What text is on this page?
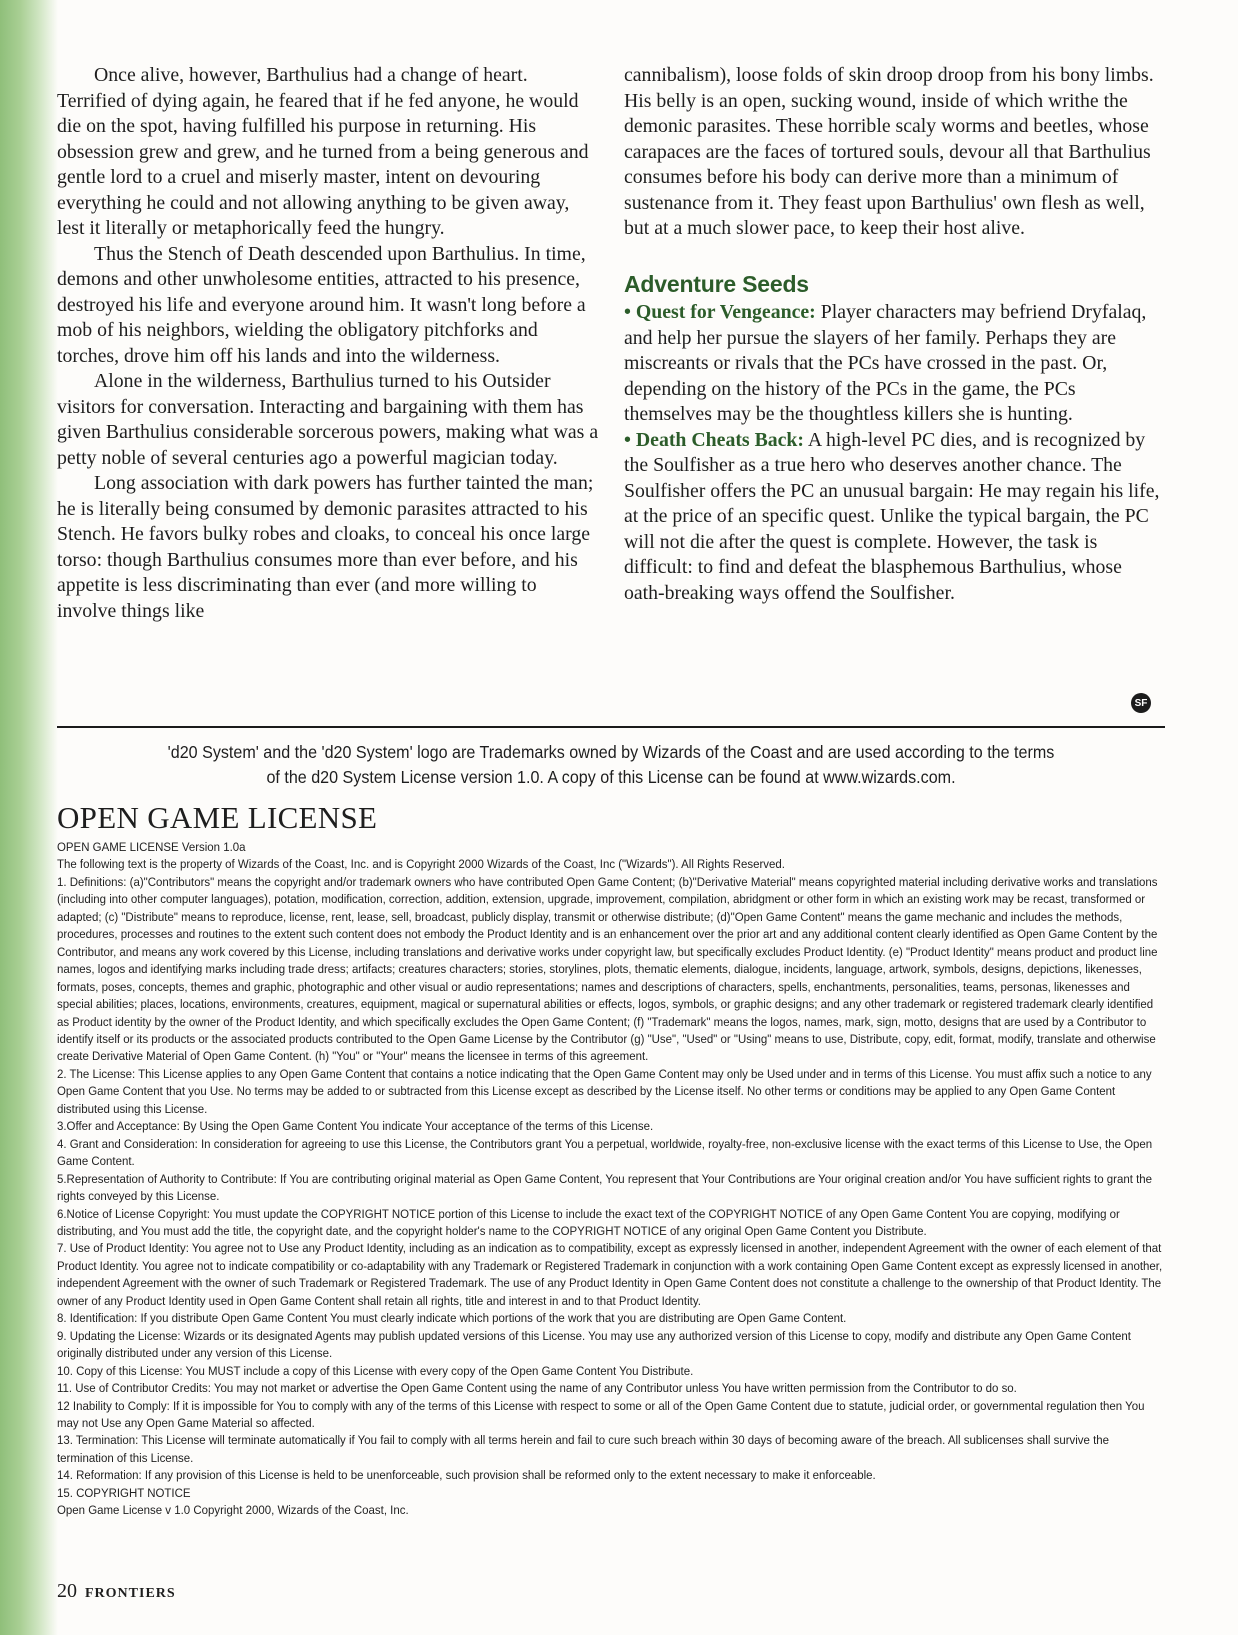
Once alive, however, Barthulius had a change of heart. Terrified of dying again, he feared that if he fed anyone, he would die on the spot, having fulfilled his purpose in returning. His obsession grew and grew, and he turned from a being generous and gentle lord to a cruel and miserly master, intent on devouring everything he could and not allowing anything to be given away, lest it literally or metaphorically feed the hungry.

Thus the Stench of Death descended upon Barthulius. In time, demons and other unwholesome entities, attracted to his presence, destroyed his life and everyone around him. It wasn't long before a mob of his neighbors, wielding the obligatory pitchforks and torches, drove him off his lands and into the wilderness.

Alone in the wilderness, Barthulius turned to his Outsider visitors for conversation. Interacting and bargaining with them has given Barthulius considerable sorcerous powers, making what was a petty noble of several centuries ago a powerful magician today.

Long association with dark powers has further tainted the man; he is literally being consumed by demonic parasites attracted to his Stench. He favors bulky robes and cloaks, to conceal his once large torso: though Barthulius consumes more than ever before, and his appetite is less discriminating than ever (and more willing to involve things like

cannibalism), loose folds of skin droop droop from his bony limbs. His belly is an open, sucking wound, inside of which writhe the demonic parasites. These horrible scaly worms and beetles, whose carapaces are the faces of tortured souls, devour all that Barthulius consumes before his body can derive more than a minimum of sustenance from it. They feast upon Barthulius' own flesh as well, but at a much slower pace, to keep their host alive.

Adventure Seeds

• Quest for Vengeance: Player characters may befriend Dryfalaq, and help her pursue the slayers of her family. Perhaps they are miscreants or rivals that the PCs have crossed in the past. Or, depending on the history of the PCs in the game, the PCs themselves may be the thoughtless killers she is hunting.

• Death Cheats Back: A high-level PC dies, and is recognized by the Soulfisher as a true hero who deserves another chance. The Soulfisher offers the PC an unusual bargain: He may regain his life, at the price of an specific quest. Unlike the typical bargain, the PC will not die after the quest is complete. However, the task is difficult: to find and defeat the blasphemous Barthulius, whose oath-breaking ways offend the Soulfisher.

SF
'd20 System' and the 'd20 System' logo are Trademarks owned by Wizards of the Coast and are used according to the terms
of the d20 System License version 1.0. A copy of this License can be found at www.wizards.com.
OPEN GAME LICENSE

OPEN GAME LICENSE Version 1.0a

The following text is the property of Wizards of the Coast, Inc. and is Copyright 2000 Wizards of the Coast, Inc ("Wizards"). All Rights Reserved.

1. Definitions: (a)"Contributors" means the copyright and/or trademark owners who have contributed Open Game Content; (b)"Derivative Material" means copyrighted material including derivative works and translations (including into other computer languages), potation, modification, correction, addition, extension, upgrade, improvement, compilation, abridgment or other form in which an existing work may be recast, transformed or adapted; (c) "Distribute" means to reproduce, license, rent, lease, sell, broadcast, publicly display, transmit or otherwise distribute; (d)"Open Game Content" means the game mechanic and includes the methods, procedures, processes and routines to the extent such content does not embody the Product Identity and is an enhancement over the prior art and any additional content clearly identified as Open Game Content by the Contributor, and means any work covered by this License, including translations and derivative works under copyright law, but specifically excludes Product Identity. (e) "Product Identity" means product and product line names, logos and identifying marks including trade dress; artifacts; creatures characters; stories, storylines, plots, thematic elements, dialogue, incidents, language, artwork, symbols, designs, depictions, likenesses, formats, poses, concepts, themes and graphic, photographic and other visual or audio representations; names and descriptions of characters, spells, enchantments, personalities, teams, personas, likenesses and special abilities; places, locations, environments, creatures, equipment, magical or supernatural abilities or effects, logos, symbols, or graphic designs; and any other trademark or registered trademark clearly identified as Product identity by the owner of the Product Identity, and which specifically excludes the Open Game Content; (f) "Trademark" means the logos, names, mark, sign, motto, designs that are used by a Contributor to identify itself or its products or the associated products contributed to the Open Game License by the Contributor (g) "Use", "Used" or "Using" means to use, Distribute, copy, edit, format, modify, translate and otherwise create Derivative Material of Open Game Content. (h) "You" or "Your" means the licensee in terms of this agreement.

2. The License: This License applies to any Open Game Content that contains a notice indicating that the Open Game Content may only be Used under and in terms of this License. You must affix such a notice to any Open Game Content that you Use. No terms may be added to or subtracted from this License except as described by the License itself. No other terms or conditions may be applied to any Open Game Content distributed using this License.

3.Offer and Acceptance: By Using the Open Game Content You indicate Your acceptance of the terms of this License.

4. Grant and Consideration: In consideration for agreeing to use this License, the Contributors grant You a perpetual, worldwide, royalty-free, non-exclusive license with the exact terms of this License to Use, the Open Game Content.

5.Representation of Authority to Contribute: If You are contributing original material as Open Game Content, You represent that Your Contributions are Your original creation and/or You have sufficient rights to grant the rights conveyed by this License.

6.Notice of License Copyright: You must update the COPYRIGHT NOTICE portion of this License to include the exact text of the COPYRIGHT NOTICE of any Open Game Content You are copying, modifying or distributing, and You must add the title, the copyright date, and the copyright holder's name to the COPYRIGHT NOTICE of any original Open Game Content you Distribute.

7. Use of Product Identity: You agree not to Use any Product Identity, including as an indication as to compatibility, except as expressly licensed in another, independent Agreement with the owner of each element of that Product Identity. You agree not to indicate compatibility or co-adaptability with any Trademark or Registered Trademark in conjunction with a work containing Open Game Content except as expressly licensed in another, independent Agreement with the owner of such Trademark or Registered Trademark. The use of any Product Identity in Open Game Content does not constitute a challenge to the ownership of that Product Identity. The owner of any Product Identity used in Open Game Content shall retain all rights, title and interest in and to that Product Identity.

8. Identification: If you distribute Open Game Content You must clearly indicate which portions of the work that you are distributing are Open Game Content.

9. Updating the License: Wizards or its designated Agents may publish updated versions of this License. You may use any authorized version of this License to copy, modify and distribute any Open Game Content originally distributed under any version of this License.

10. Copy of this License: You MUST include a copy of this License with every copy of the Open Game Content You Distribute.

11. Use of Contributor Credits: You may not market or advertise the Open Game Content using the name of any Contributor unless You have written permission from the Contributor to do so.

12 Inability to Comply: If it is impossible for You to comply with any of the terms of this License with respect to some or all of the Open Game Content due to statute, judicial order, or governmental regulation then You may not Use any Open Game Material so affected.

13. Termination: This License will terminate automatically if You fail to comply with all terms herein and fail to cure such breach within 30 days of becoming aware of the breach. All sublicenses shall survive the termination of this License.

14. Reformation: If any provision of this License is held to be unenforceable, such provision shall be reformed only to the extent necessary to make it enforceable.

15. COPYRIGHT NOTICE

Open Game License v 1.0 Copyright 2000, Wizards of the Coast, Inc.

20 FRONTIERS
